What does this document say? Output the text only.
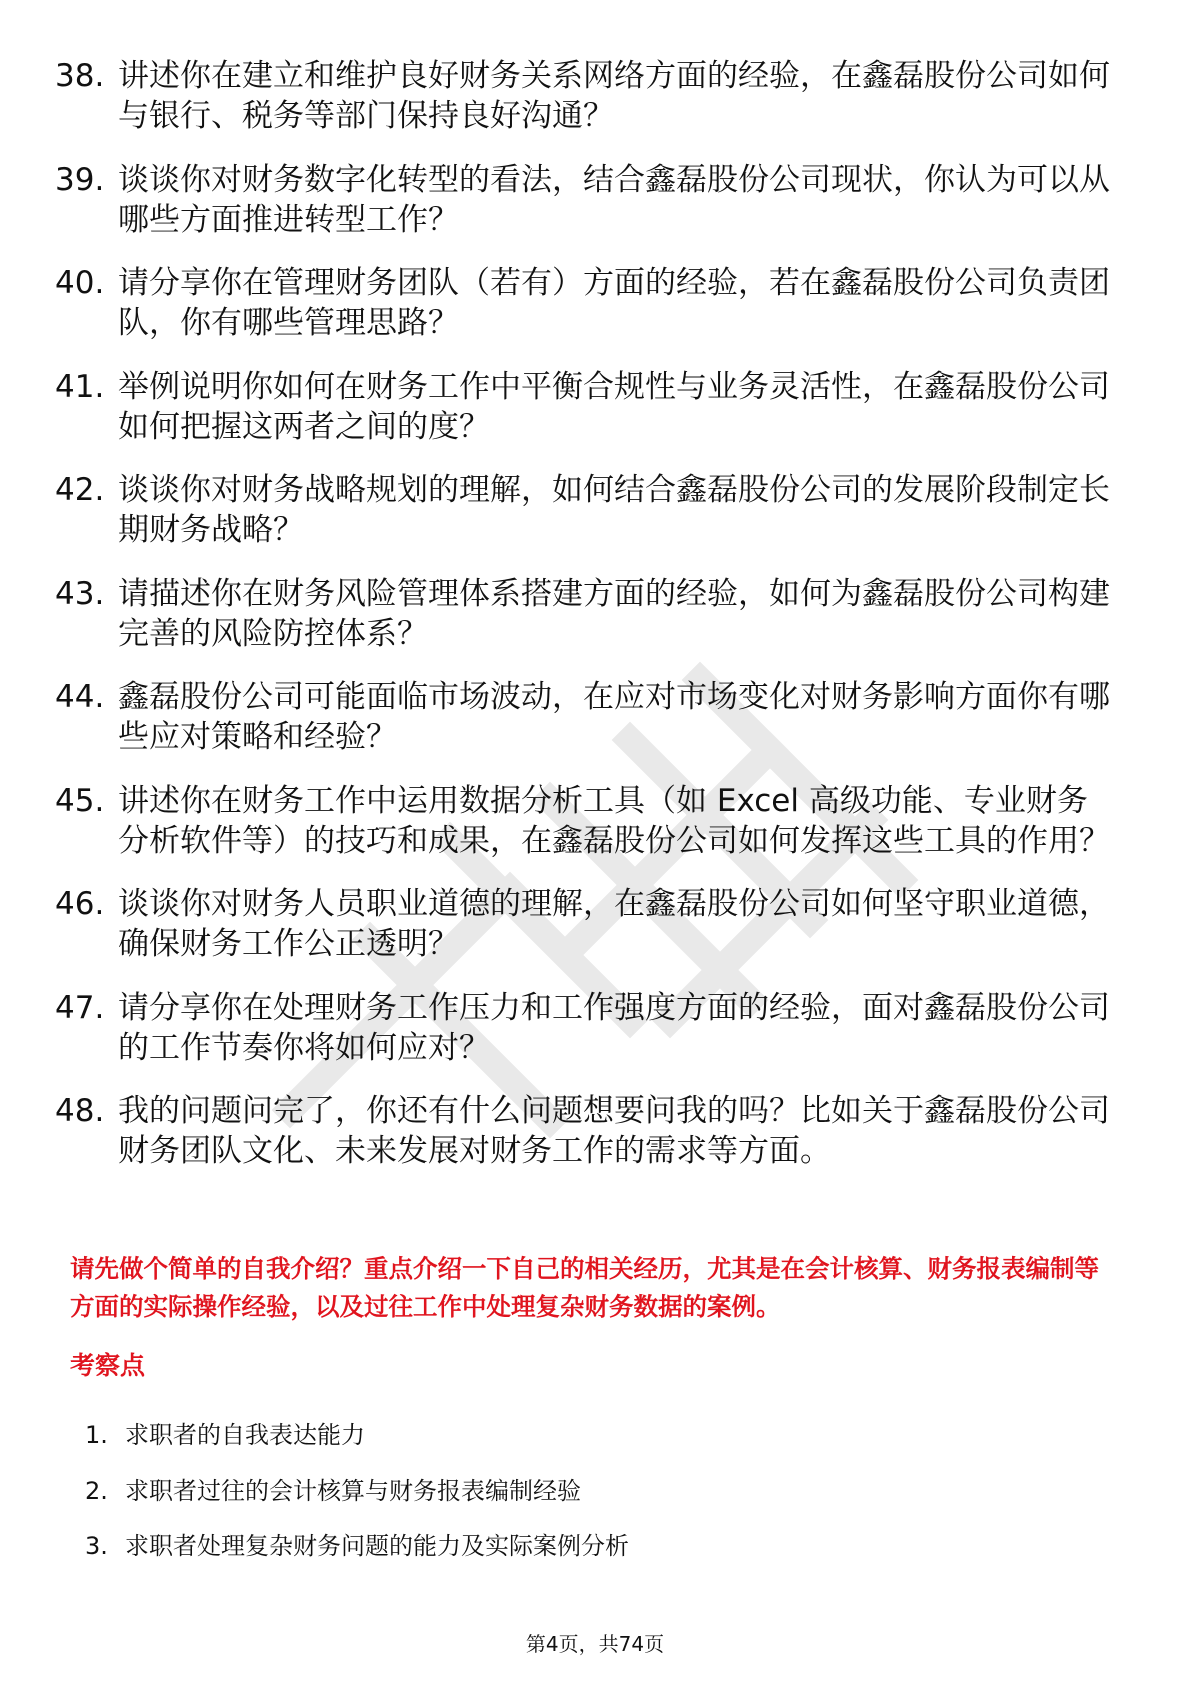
38. 讲述你在建立和维护良好财务关系网络方面的经验，在鑫磊股份公司如何与银行、税务等部门保持良好沟通？
39. 谈谈你对财务数字化转型的看法，结合鑫磊股份公司现状，你认为可以从哪些方面推进转型工作？
40. 请分享你在管理财务团队（若有）方面的经验，若在鑫磊股份公司负责团队，你有哪些管理思路？
41. 举例说明你如何在财务工作中平衡合规性与业务灵活性，在鑫磊股份公司如何把握这两者之间的度？
42. 谈谈你对财务战略规划的理解，如何结合鑫磊股份公司的发展阶段制定长期财务战略？
43. 请描述你在财务风险管理体系搭建方面的经验，如何为鑫磊股份公司构建完善的风险防控体系？
44. 鑫磊股份公司可能面临市场波动，在应对市场变化对财务影响方面你有哪些应对策略和经验？
45. 讲述你在财务工作中运用数据分析工具（如 Excel 高级功能、专业财务分析软件等）的技巧和成果，在鑫磊股份公司如何发挥这些工具的作用？
46. 谈谈你对财务人员职业道德的理解，在鑫磊股份公司如何坚守职业道德，确保财务工作公正透明？
47. 请分享你在处理财务工作压力和工作强度方面的经验，面对鑫磊股份公司的工作节奏你将如何应对？
48. 我的问题问完了，你还有什么问题想要问我的吗？比如关于鑫磊股份公司财务团队文化、未来发展对财务工作的需求等方面。

请先做个简单的自我介绍？重点介绍一下自己的相关经历，尤其是在会计核算、财务报表编制等方面的实际操作经验，以及过往工作中处理复杂财务数据的案例。

考察点
1. 求职者的自我表达能力
2. 求职者过往的会计核算与财务报表编制经验
3. 求职者处理复杂财务问题的能力及实际案例分析
第4页，共74页
